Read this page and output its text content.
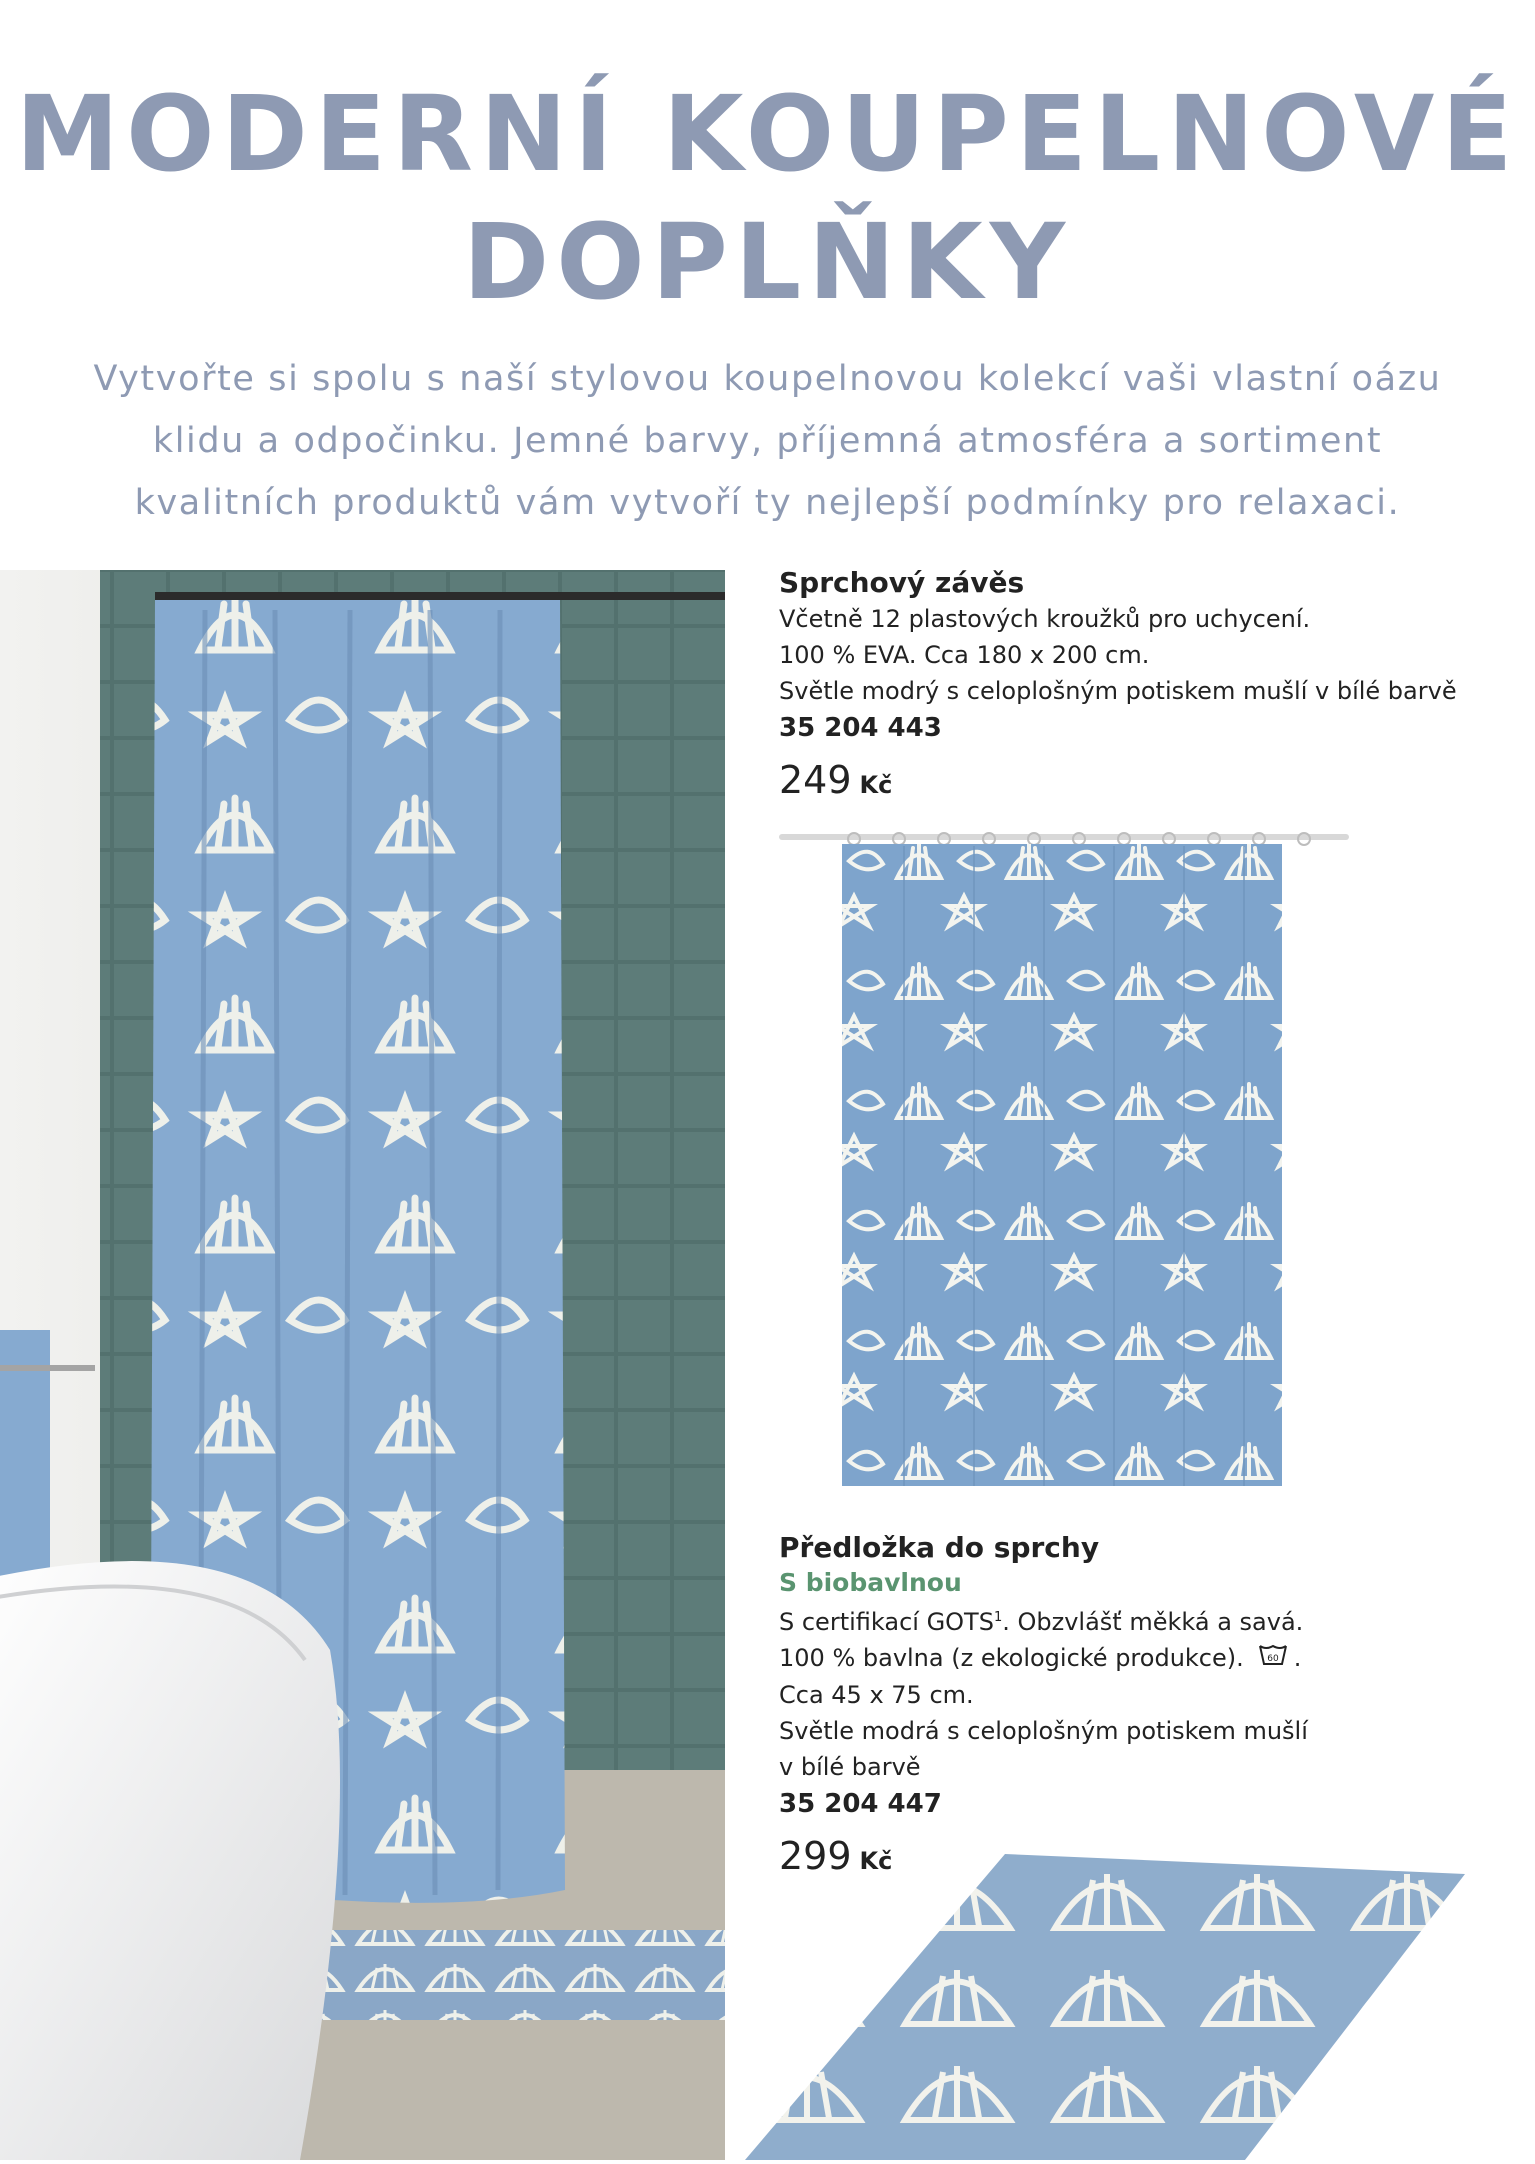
MODERNÍ KOUPELNOVÉ
DOPLŇKY
Vytvořte si spolu s naší stylovou koupelnovou kolekcí vaši vlastní oázu
klidu a odpočinku. Jemné barvy, příjemná atmosféra a sortiment
kvalitních produktů vám vytvoří ty nejlepší podmínky pro relaxaci.

Sprchový závěs

Včetně 12 plastových kroužků pro uchycení.

100 % EVA. Cca 180 x 200 cm.

Světle modrý s celoplošným potiskem mušlí v bílé barvě

35 204 443

249 Kč

Předložka do sprchy

S biobavlnou

S certifikací GOTS$^1$. Obzvlášť měkká a savá.

100 % bavlna (z ekologické produkce).	60 .

Cca 45 x 75 cm.

Světle modrá s celoplošným potiskem mušlí

v bílé barvě

35 204 447

299 Kč
